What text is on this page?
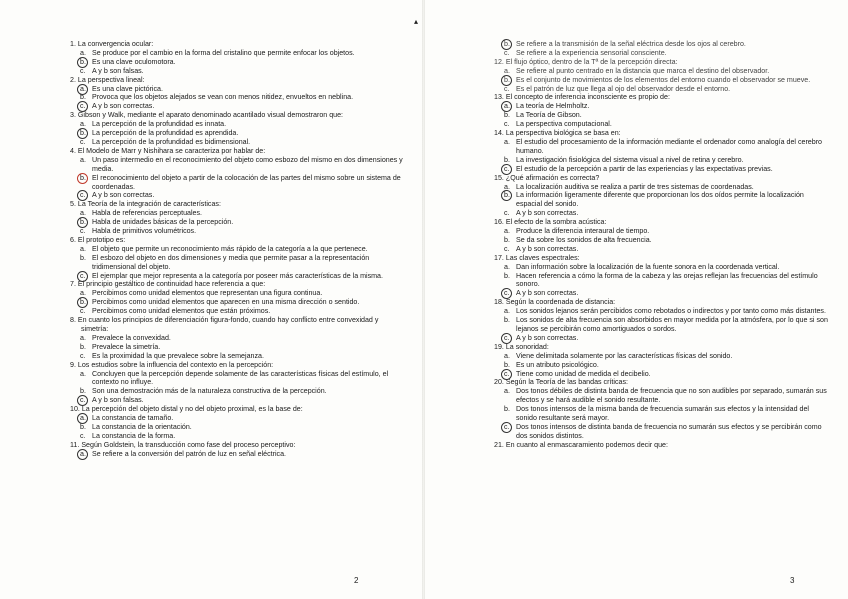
▴
1. La convergencia ocular:
a. Se produce por el cambio en la forma del cristalino que permite enfocar los objetos.
b. Es una clave oculomotora.
c. A y b son falsas.
2. La perspectiva lineal:
a. Es una clave pictórica.
b. Provoca que los objetos alejados se vean con menos nitidez, envueltos en neblina.
c. A y b son correctas.
3. Gibson y Walk, mediante el aparato denominado acantilado visual demostraron que:
a. La percepción de la profundidad es innata.
b. La percepción de la profundidad es aprendida.
c. La percepción de la profundidad es bidimensional.
4. El Modelo de Marr y Nishihara se caracteriza por hablar de:
a. Un paso intermedio en el reconocimiento del objeto como esbozo del mismo en dos dimensiones y media.
b. El reconocimiento del objeto a partir de la colocación de las partes del mismo sobre un sistema de coordenadas.
c. A y b son correctas.
5. La Teoría de la integración de características:
a. Habla de referencias perceptuales.
b. Habla de unidades básicas de la percepción.
c. Habla de primitivos volumétricos.
6. El prototipo es:
a. El objeto que permite un reconocimiento más rápido de la categoría a la que pertenece.
b. El esbozo del objeto en dos dimensiones y media que permite pasar a la representación tridimensional del objeto.
c. El ejemplar que mejor representa a la categoría por poseer más características de la misma.
7. El principio gestáltico de continuidad hace referencia a que:
a. Percibimos como unidad elementos que representan una figura continua.
b. Percibimos como unidad elementos que aparecen en una misma dirección o sentido.
c. Percibimos como unidad elementos que están próximos.
8. En cuanto los principios de diferenciación figura-fondo, cuando hay conflicto entre convexidad y simetría:
a. Prevalece la convexidad.
b. Prevalece la simetría.
c. Es la proximidad la que prevalece sobre la semejanza.
9. Los estudios sobre la influencia del contexto en la percepción:
a. Concluyen que la percepción depende solamente de las características físicas del estímulo, el contexto no influye.
b. Son una demostración más de la naturaleza constructiva de la percepción.
c. A y b son falsas.
10. La percepción del objeto distal y no del objeto proximal, es la base de:
a. La constancia de tamaño.
b. La constancia de la orientación.
c. La constancia de la forma.
11. Según Goldstein, la transducción como fase del proceso perceptivo:
a. Se refiere a la conversión del patrón de luz en señal eléctrica.
2
b. Se refiere a la transmisión de la señal eléctrica desde los ojos al cerebro.
c. Se refiere a la experiencia sensorial consciente.
12. El flujo óptico, dentro de la Tª de la percepción directa:
a. Se refiere al punto centrado en la distancia que marca el destino del observador.
b. Es el conjunto de movimientos de los elementos del entorno cuando el observador se mueve.
c. Es el patrón de luz que llega al ojo del observador desde el entorno.
13. El concepto de inferencia inconsciente es propio de:
a. La teoría de Helmholtz.
b. La Teoría de Gibson.
c. La perspectiva computacional.
14. La perspectiva biológica se basa en:
a. El estudio del procesamiento de la información mediante el ordenador como analogía del cerebro humano.
b. La investigación fisiológica del sistema visual a nivel de retina y cerebro.
c. El estudio de la percepción a partir de las experiencias y las expectativas previas.
15. ¿Qué afirmación es correcta?
a. La localización auditiva se realiza a partir de tres sistemas de coordenadas.
b. La información ligeramente diferente que proporcionan los dos oídos permite la localización espacial del sonido.
c. A y b son correctas.
16. El efecto de la sombra acústica:
a. Produce la diferencia interaural de tiempo.
b. Se da sobre los sonidos de alta frecuencia.
c. A y b son correctas.
17. Las claves espectrales:
a. Dan información sobre la localización de la fuente sonora en la coordenada vertical.
b. Hacen referencia a cómo la forma de la cabeza y las orejas reflejan las frecuencias del estímulo sonoro.
c. A y b son correctas.
18. Según la coordenada de distancia:
a. Los sonidos lejanos serán percibidos como rebotados o indirectos y por tanto como más distantes.
b. Los sonidos de alta frecuencia son absorbidos en mayor medida por la atmósfera, por lo que si son lejanos se percibirán como amortiguados o sordos.
c. A y b son correctas.
19. La sonoridad:
a. Viene delimitada solamente por las características físicas del sonido.
b. Es un atributo psicológico.
c. Tiene como unidad de medida el decibelio.
20. Según la Teoría de las bandas críticas:
a. Dos tonos débiles de distinta banda de frecuencia que no son audibles por separado, sumarán sus efectos y se hará audible el sonido resultante.
b. Dos tonos intensos de la misma banda de frecuencia sumarán sus efectos y la intensidad del sonido resultante será mayor.
c. Dos tonos intensos de distinta banda de frecuencia no sumarán sus efectos y se percibirán como dos sonidos distintos.
21. En cuanto al enmascaramiento podemos decir que:
3
